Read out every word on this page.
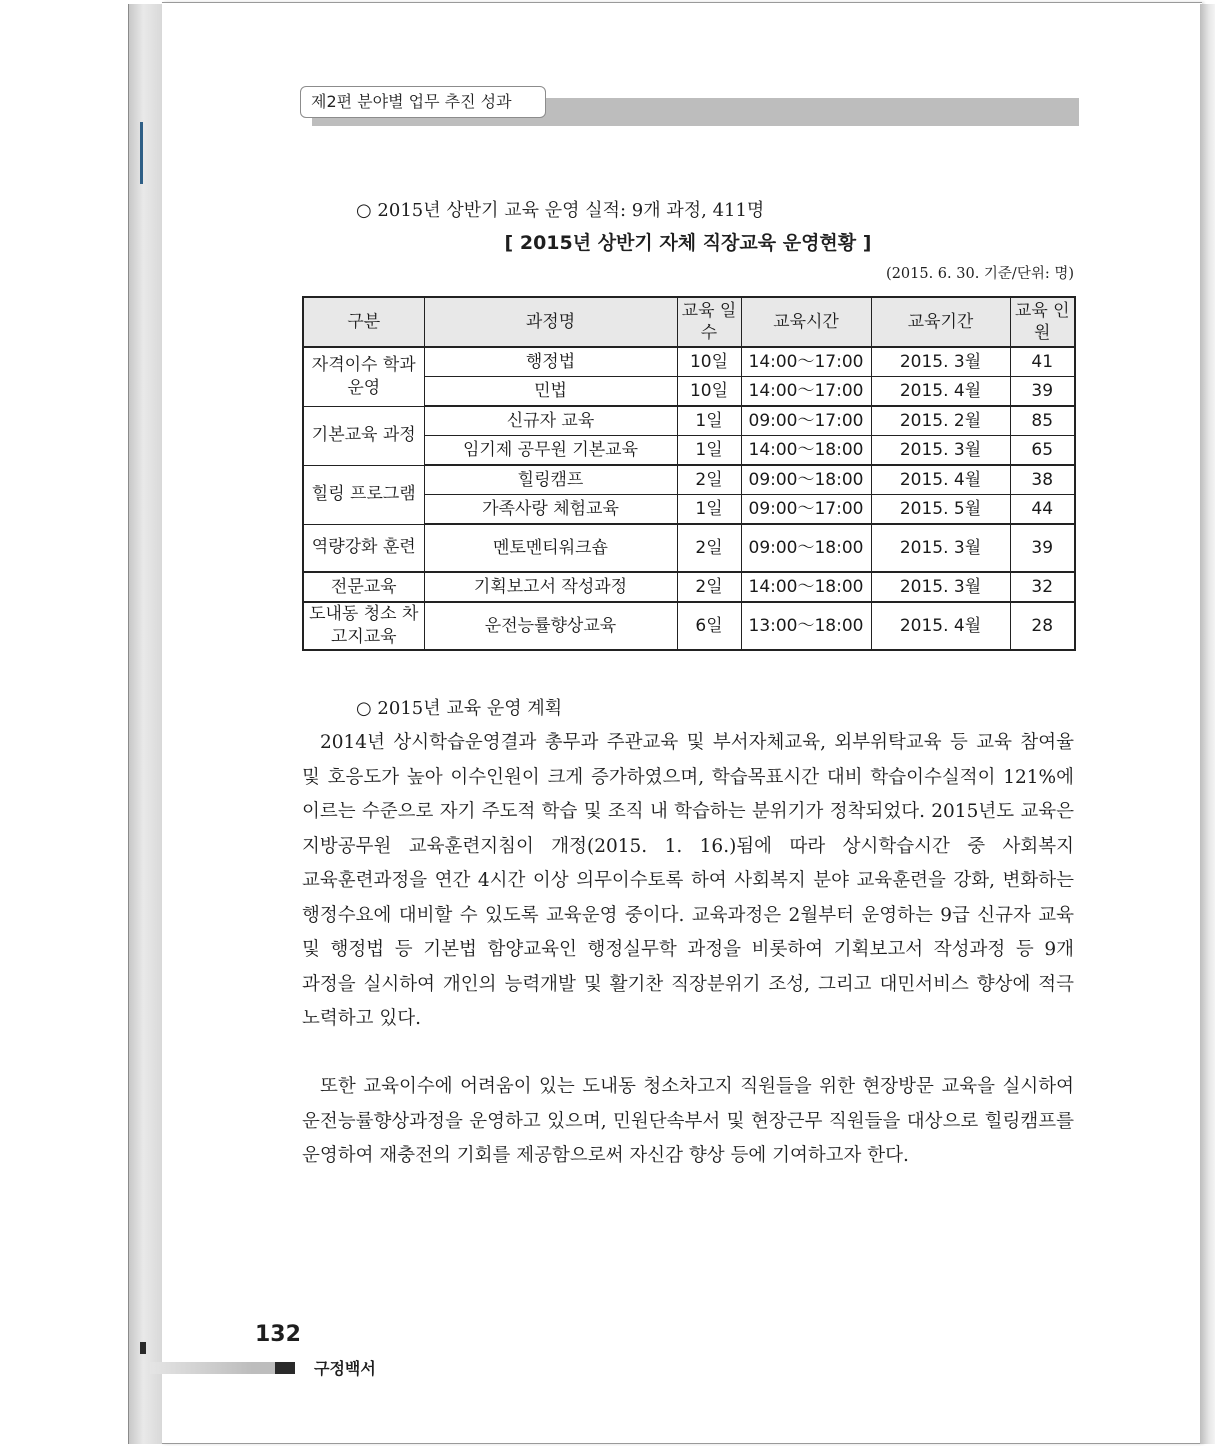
제2편 분야별 업무 추진 성과
○ 2015년 상반기 교육 운영 실적: 9개 과정, 411명
[ 2015년 상반기 자체 직장교육 운영현황 ]
(2015. 6. 30. 기준/단위: 명)
구분	과정명	교육 일수	교육시간	교육기간	교육 인원
자격이수 학과 운영	행정법	10일	14:00～17:00	2015. 3월	41
	민법	10일	14:00～17:00	2015. 4월	39
기본교육 과정	신규자 교육	1일	09:00～17:00	2015. 2월	85
	임기제 공무원 기본교육	1일	14:00～18:00	2015. 3월	65
힐링 프로그램	힐링캠프	2일	09:00～18:00	2015. 4월	38
	가족사랑 체험교육	1일	09:00～17:00	2015. 5월	44
역량강화 훈련	멘토멘티워크숍	2일	09:00～18:00	2015. 3월	39
전문교육	기획보고서 작성과정	2일	14:00～18:00	2015. 3월	32
도내동 청소 차고지교육	운전능률향상교육	6일	13:00～18:00	2015. 4월	28
○ 2015년 교육 운영 계획
2014년 상시학습운영결과 총무과 주관교육 및 부서자체교육, 외부위탁교육 등 교육 참여율 및 호응도가 높아 이수인원이 크게 증가하였으며, 학습목표시간 대비 학습이수실적이 121%에 이르는 수준으로 자기 주도적 학습 및 조직 내 학습하는 분위기가 정착되었다. 2015년도 교육은 지방공무원 교육훈련지침이 개정(2015. 1. 16.)됨에 따라 상시학습시간 중 사회복지 교육훈련과정을 연간 4시간 이상 의무이수토록 하여 사회복지 분야 교육훈련을 강화, 변화하는 행정수요에 대비할 수 있도록 교육운영 중이다. 교육과정은 2월부터 운영하는 9급 신규자 교육 및 행정법 등 기본법 함양교육인 행정실무학 과정을 비롯하여 기획보고서 작성과정 등 9개 과정을 실시하여 개인의 능력개발 및 활기찬 직장분위기 조성, 그리고 대민서비스 향상에 적극 노력하고 있다.
또한 교육이수에 어려움이 있는 도내동 청소차고지 직원들을 위한 현장방문 교육을 실시하여 운전능률향상과정을 운영하고 있으며, 민원단속부서 및 현장근무 직원들을 대상으로 힐링캠프를 운영하여 재충전의 기회를 제공함으로써 자신감 향상 등에 기여하고자 한다.
132
구정백서
